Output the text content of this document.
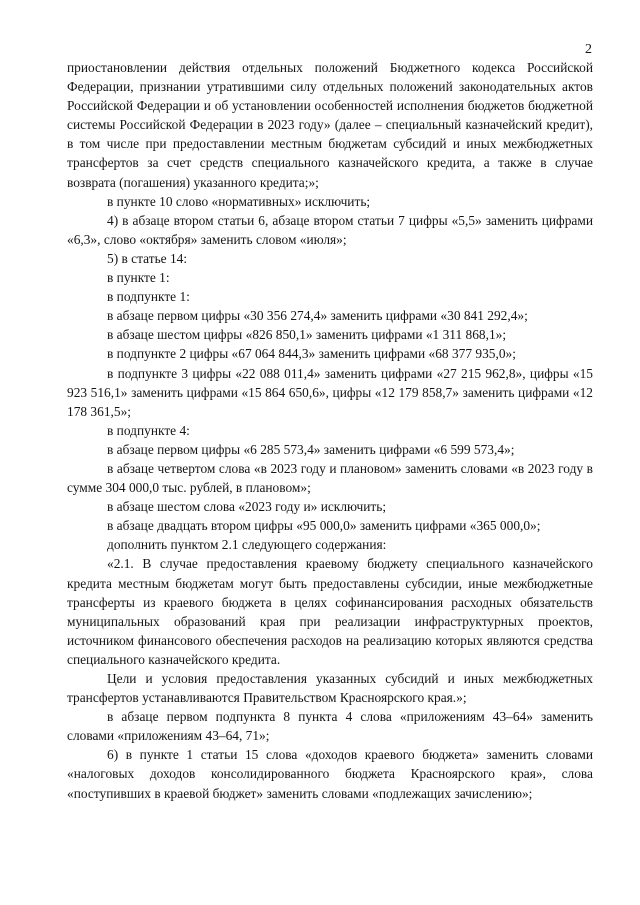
2

приостановлении действия отдельных положений Бюджетного кодекса Российской Федерации, признании утратившими силу отдельных положений законодательных актов Российской Федерации и об установлении особенностей исполнения бюджетов бюджетной системы Российской Федерации в 2023 году» (далее – специальный казначейский кредит), в том числе при предоставлении местным бюджетам субсидий и иных межбюджетных трансфертов за счет средств специального казначейского кредита, а также в случае возврата (погашения) указанного кредита;»;

в пункте 10 слово «нормативных» исключить;

4) в абзаце втором статьи 6, абзаце втором статьи 7 цифры «5,5» заменить цифрами «6,3», слово «октября» заменить словом «июля»;

5) в статье 14:

в пункте 1:

в подпункте 1:

в абзаце первом цифры «30 356 274,4» заменить цифрами «30 841 292,4»;

в абзаце шестом цифры «826 850,1» заменить цифрами «1 311 868,1»;

в подпункте 2 цифры «67 064 844,3» заменить цифрами «68 377 935,0»;

в подпункте 3 цифры «22 088 011,4» заменить цифрами «27 215 962,8», цифры «15 923 516,1» заменить цифрами «15 864 650,6», цифры «12 179 858,7» заменить цифрами «12 178 361,5»;

в подпункте 4:

в абзаце первом цифры «6 285 573,4» заменить цифрами «6 599 573,4»;

в абзаце четвертом слова «в 2023 году и плановом» заменить словами «в 2023 году в сумме 304 000,0 тыс. рублей, в плановом»;

в абзаце шестом слова «2023 году и» исключить;

в абзаце двадцать втором цифры «95 000,0» заменить цифрами «365 000,0»;

дополнить пунктом 2.1 следующего содержания:

«2.1. В случае предоставления краевому бюджету специального казначейского кредита местным бюджетам могут быть предоставлены субсидии, иные межбюджетные трансферты из краевого бюджета в целях софинансирования расходных обязательств муниципальных образований края при реализации инфраструктурных проектов, источником финансового обеспечения расходов на реализацию которых являются средства специального казначейского кредита.

Цели и условия предоставления указанных субсидий и иных межбюджетных трансфертов устанавливаются Правительством Красноярского края.»;

в абзаце первом подпункта 8 пункта 4 слова «приложениям 43–64» заменить словами «приложениям 43–64, 71»;

6) в пункте 1 статьи 15 слова «доходов краевого бюджета» заменить словами «налоговых доходов консолидированного бюджета Красноярского края», слова «поступивших в краевой бюджет» заменить словами «подлежащих зачислению»;
